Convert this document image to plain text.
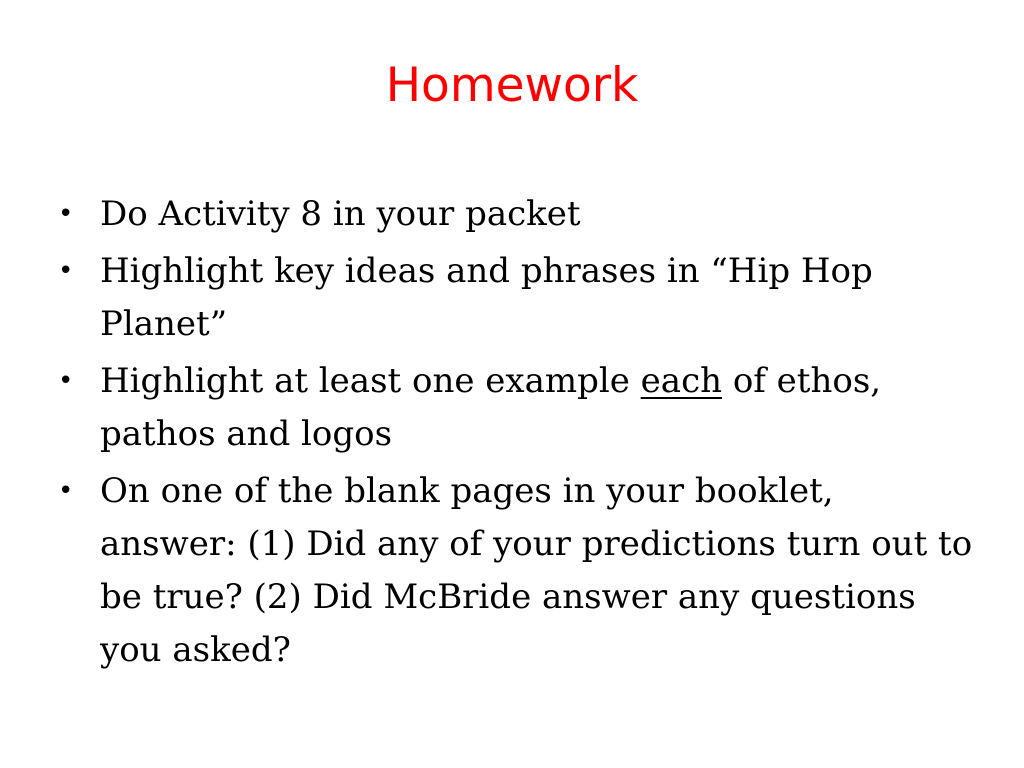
Homework
• Do Activity 8 in your packet
• Highlight key ideas and phrases in “Hip Hop Planet”
• Highlight at least one example each of ethos, pathos and logos
• On one of the blank pages in your booklet, answer: (1) Did any of your predictions turn out to be true? (2) Did McBride answer any questions you asked?
